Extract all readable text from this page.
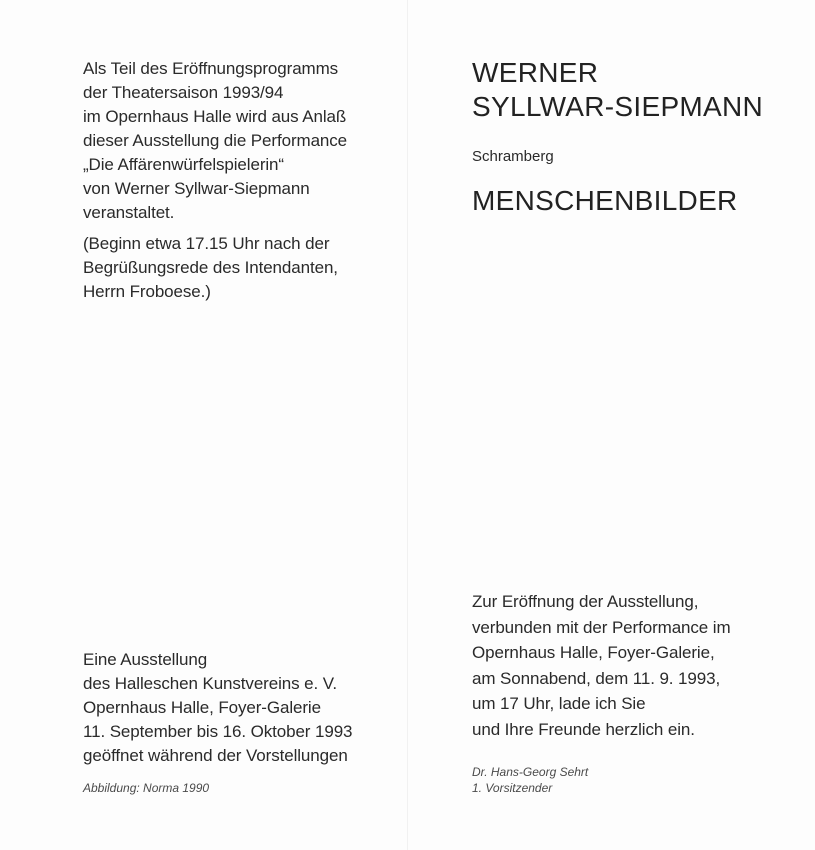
Als Teil des Eröffnungsprogramms
der Theatersaison 1993/94
im Opernhaus Halle wird aus Anlaß
dieser Ausstellung die Performance
„Die Affärenwürfelspielerin“
von Werner Syllwar-Siepmann
veranstaltet.
(Beginn etwa 17.15 Uhr nach der
Begrüßungsrede des Intendanten,
Herrn Froboese.)
Eine Ausstellung
des Halleschen Kunstvereins e. V.
Opernhaus Halle, Foyer-Galerie
11. September bis 16. Oktober 1993
geöffnet während der Vorstellungen
Abbildung: Norma 1990
WERNER
SYLLWAR-SIEPMANN
Schramberg
MENSCHENBILDER
Zur Eröffnung der Ausstellung,
verbunden mit der Performance im
Opernhaus Halle, Foyer-Galerie,
am Sonnabend, dem 11. 9. 1993,
um 17 Uhr, lade ich Sie
und Ihre Freunde herzlich ein.
Dr. Hans-Georg Sehrt
1. Vorsitzender
